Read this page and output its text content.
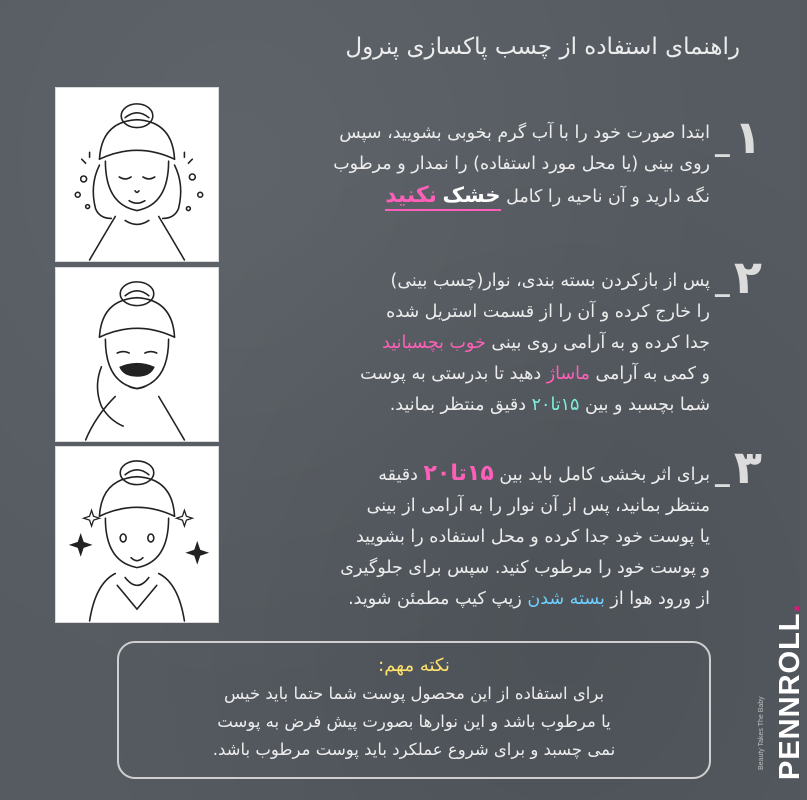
راهنمای استفاده از چسب پاکسازی پنرول
_۱
_۲
_۳
ابتدا صورت خود را با آب گرم بخوبی بشویید، سپس
روی بینی (یا محل مورد استفاده) را نمدار و مرطوب
نگه دارید و آن ناحیه را کامل خشک نکنید
پس از بازکردن بسته بندی، نوار(چسب بینی)
را خارج کرده و آن را از قسمت استریل شده
جدا کرده و به آرامی روی بینی خوب بچسبانید
و کمی به آرامی ماساژ دهید تا بدرستی به پوست
شما بچسبد و بین ۱۵تا۲۰ دقیق منتظر بمانید.
برای اثر بخشی کامل باید بین ۱۵تا۲۰ دقیقه
منتظر بمانید، پس از آن نوار را به آرامی از بینی
یا پوست خود جدا کرده و محل استفاده را بشویید
و پوست خود را مرطوب کنید. سپس برای جلوگیری
از ورود هوا از بسته شدن زیپ کیپ مطمئن شوید.
نکته مهم:
برای استفاده از این محصول پوست شما حتما باید خیس
یا مرطوب باشد و این نوارها بصورت پیش فرض به پوست
نمی چسبد و برای شروع عملکرد باید پوست مرطوب باشد.	PENNROLL.
Beauty Takes The Baby
